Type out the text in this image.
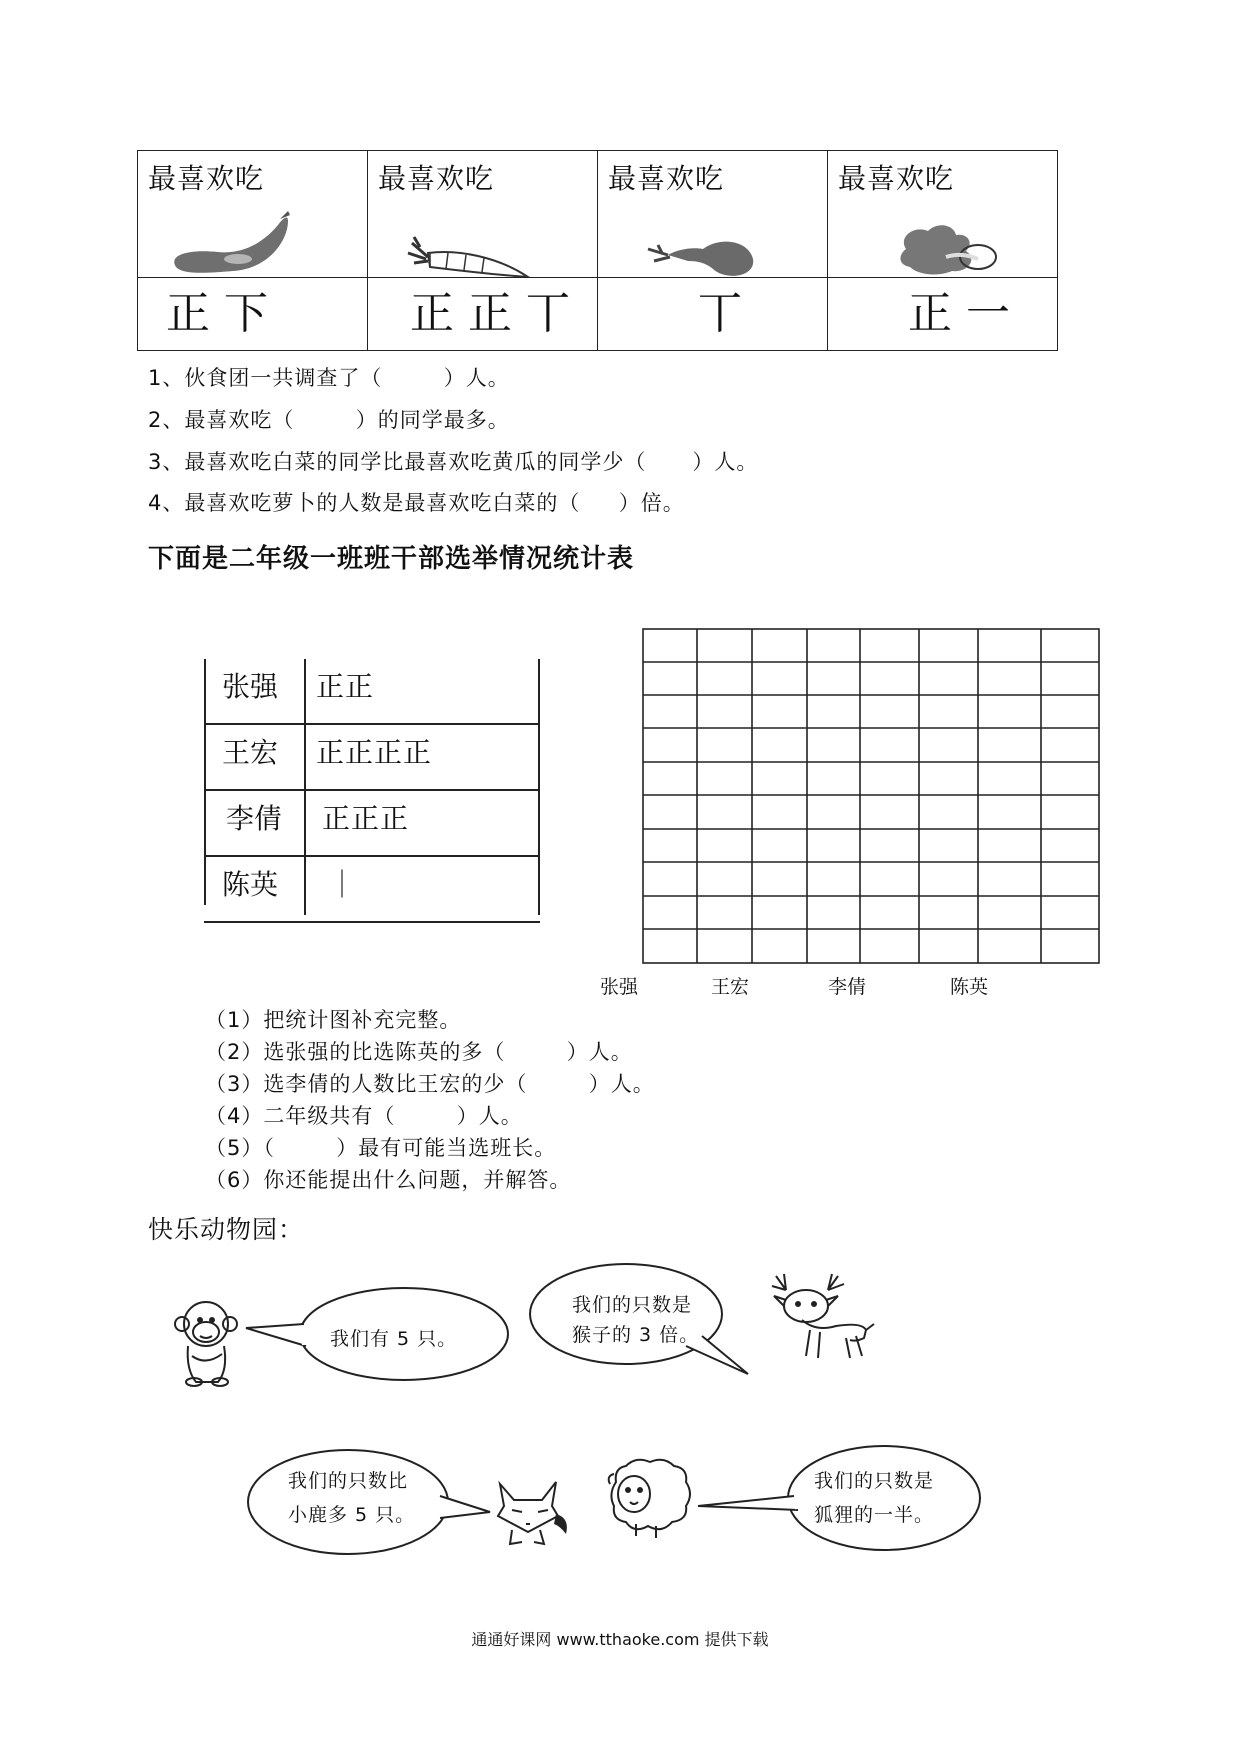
最喜欢吃	最喜欢吃	最喜欢吃	最喜欢吃

正 下	正 正 丅	丅	正 一
1、伙食团一共调查了（        ）人。
2、最喜欢吃（        ）的同学最多。
3、最喜欢吃白菜的同学比最喜欢吃黄瓜的同学少（      ）人。
4、最喜欢吃萝卜的人数是最喜欢吃白菜的（     ）倍。
下面是二年级一班班干部选举情况统计表
张强 正正
王宏 正正正正
李倩 正正正
陈英 ｜
张强	王宏	李倩	陈英
（1）把统计图补充完整。
（2）选张强的比选陈英的多（        ）人。
（3）选李倩的人数比王宏的少（        ）人。
（4）二年级共有（        ）人。
（5）（        ）最有可能当选班长。
（6）你还能提出什么问题，并解答。
快乐动物园：
我们有 5 只。
我们的只数是
猴子的 3 倍。
我们的只数比
小鹿多 5 只。
我们的只数是
狐狸的一半。
通通好课网 www.tthaoke.com 提供下载
